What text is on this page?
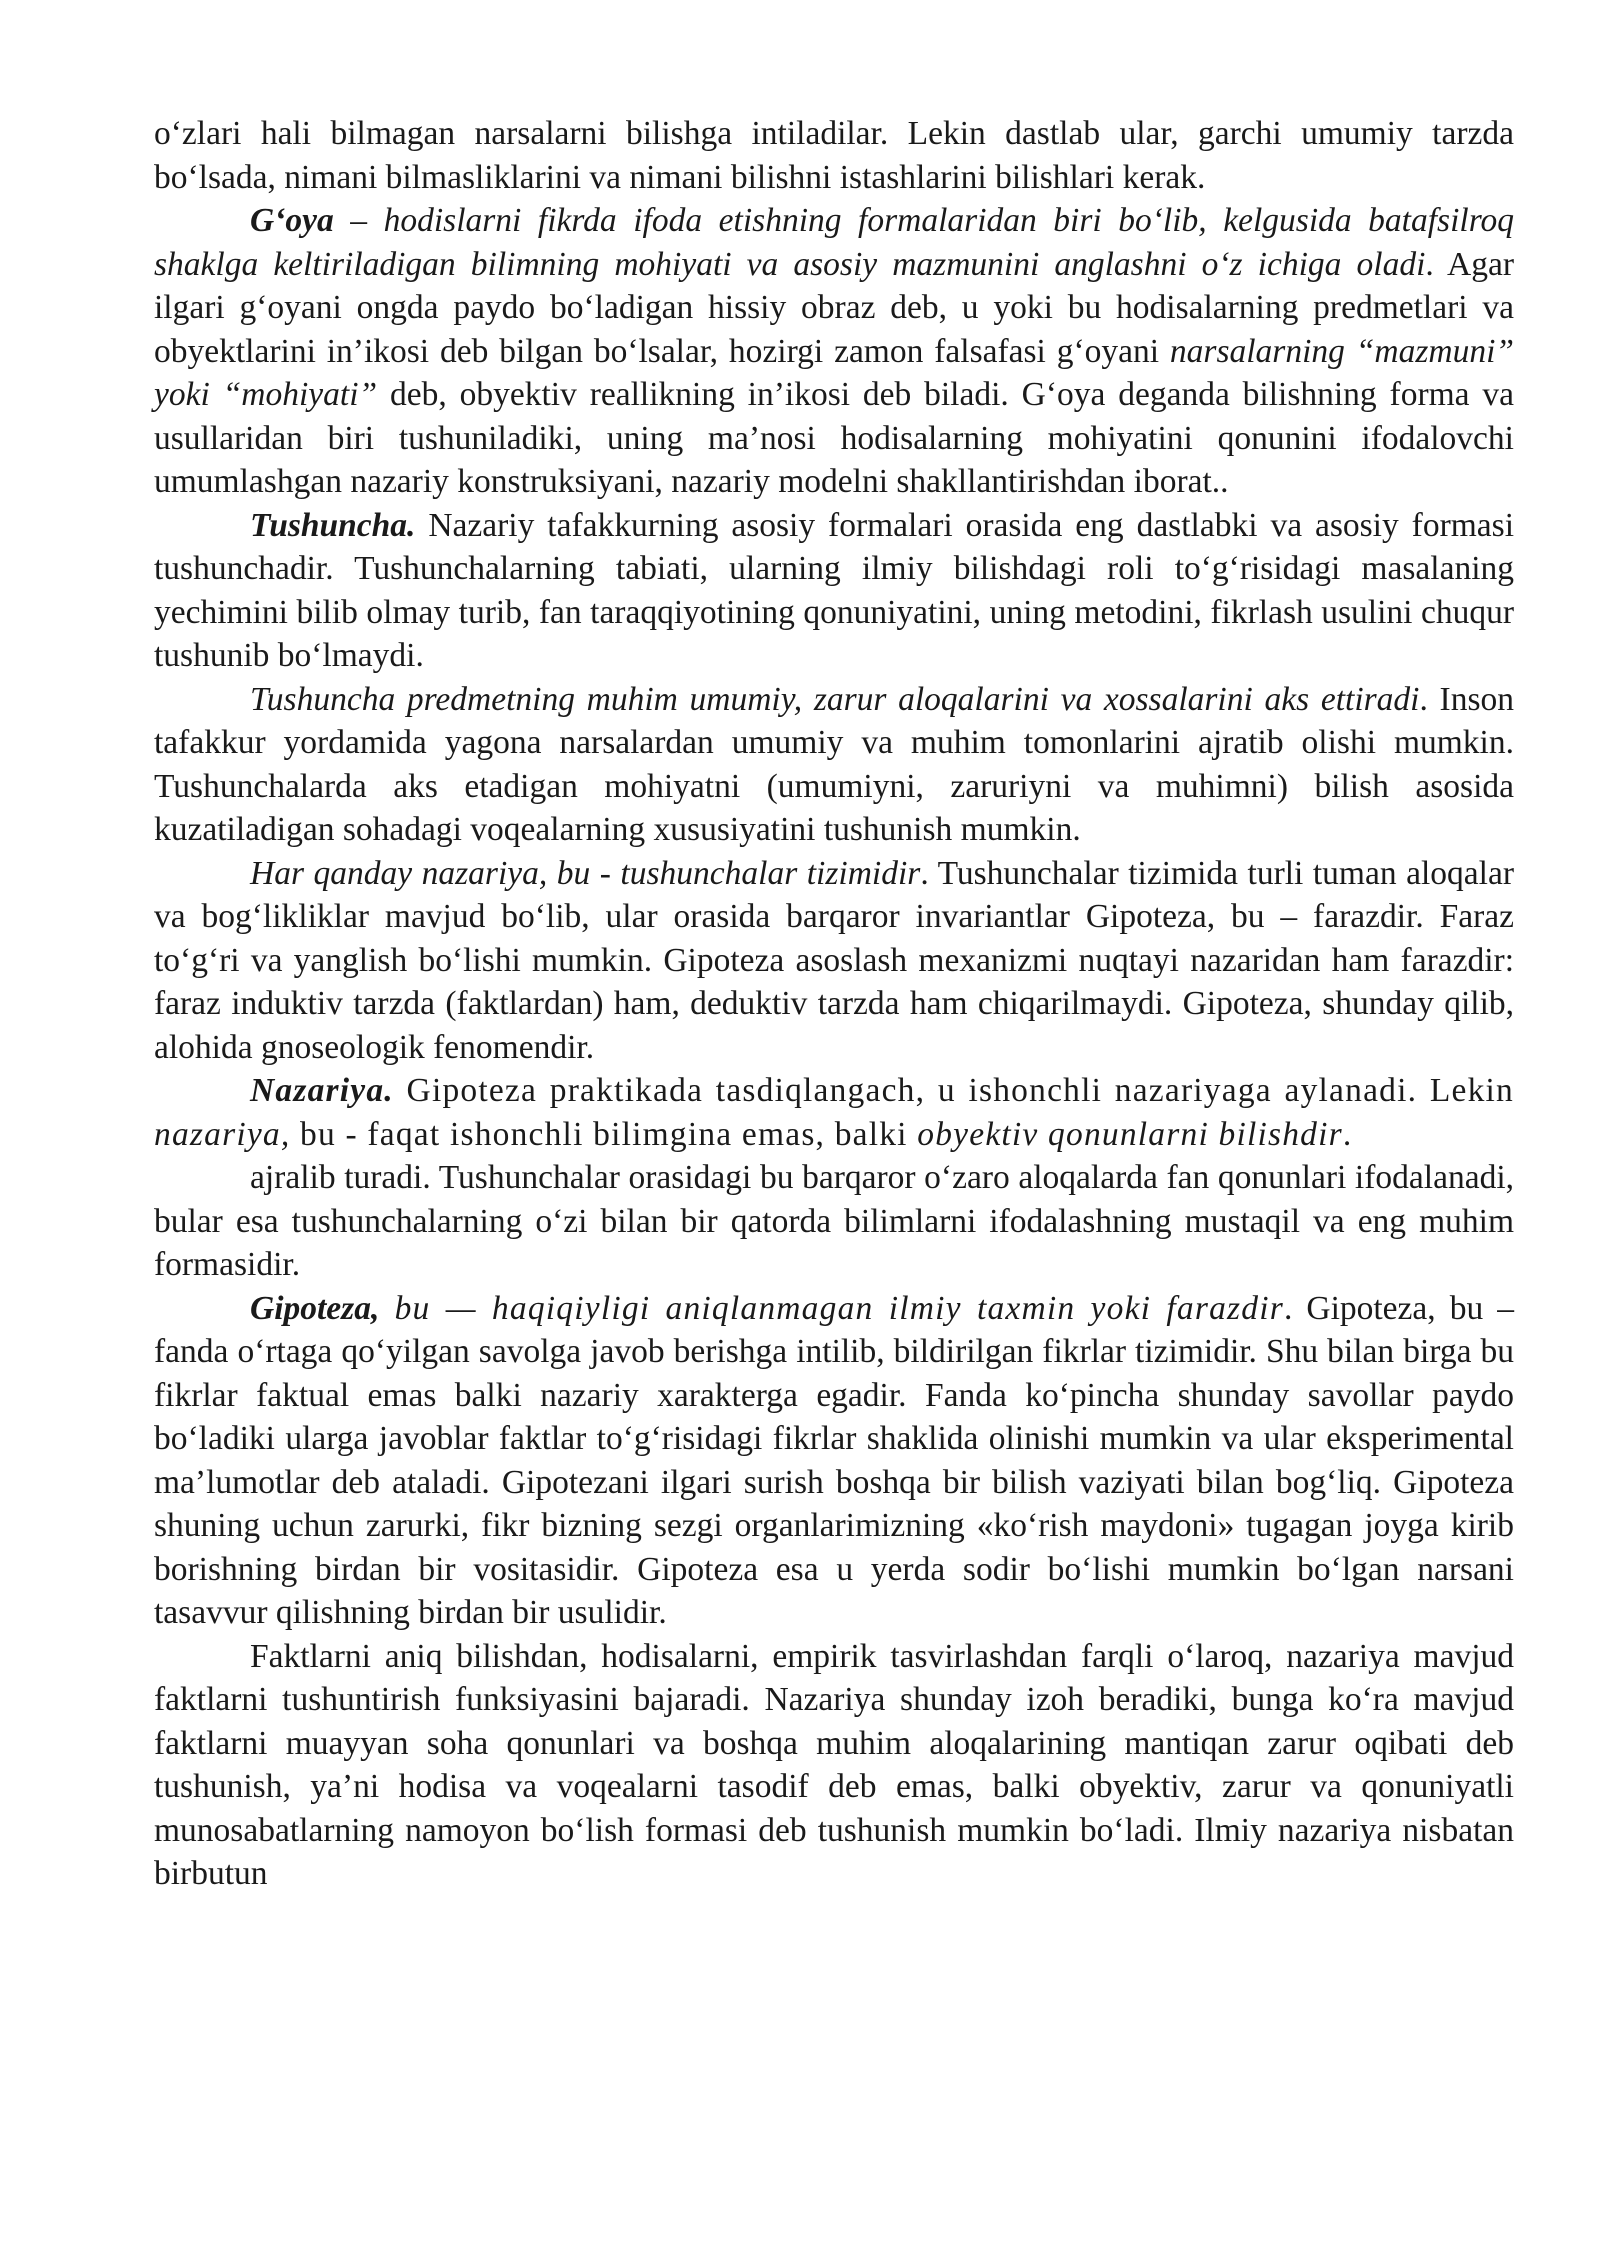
o‘zlari hali bilmagan narsalarni bilishga intiladilar. Lekin dastlab ular, garchi umumiy tarzda bo‘lsada, nimani bilmasliklarini va nimani bilishni istashlarini bilishlari kerak.

G‘oya – hodislarni fikrda ifoda etishning formalaridan biri bo‘lib, kelgusida batafsilroq shaklga keltiriladigan bilimning mohiyati va asosiy mazmunini anglashni o‘z ichiga oladi. Agar ilgari g‘oyani ongda paydo bo‘ladigan hissiy obraz deb, u yoki bu hodisalarning predmetlari va obyektlarini in’ikosi deb bilgan bo‘lsalar, hozirgi zamon falsafasi g‘oyani narsalarning “mazmuni” yoki “mohiyati” deb, obyektiv reallikning in’ikosi deb biladi. G‘oya deganda bilishning forma va usullaridan biri tushuniladiki, uning ma’nosi hodisalarning mohiyatini qonunini ifodalovchi umumlashgan nazariy konstruksiyani, nazariy modelni shakllantirishdan iborat..

Tushuncha. Nazariy tafakkurning asosiy formalari orasida eng dastlabki va asosiy formasi tushunchadir. Tushunchalarning tabiati, ularning ilmiy bilishdagi roli to‘g‘risidagi masalaning yechimini bilib olmay turib, fan taraqqiyotining qonuniyatini, uning metodini, fikrlash usulini chuqur tushunib bo‘lmaydi.

Tushuncha predmetning muhim umumiy, zarur aloqalarini va xossalarini aks ettiradi. Inson tafakkur yordamida yagona narsalardan umumiy va muhim tomonlarini ajratib olishi mumkin. Tushunchalarda aks etadigan mohiyatni (umumiyni, zaruriyni va muhimni) bilish asosida kuzatiladigan sohadagi voqealarning xususiyatini tushunish mumkin.

Har qanday nazariya, bu - tushunchalar tizimidir. Tushunchalar tizimida turli tuman aloqalar va bog‘likliklar mavjud bo‘lib, ular orasida barqaror invariantlar Gipoteza, bu – farazdir. Faraz to‘g‘ri va yanglish bo‘lishi mumkin. Gipoteza asoslash mexanizmi nuqtayi nazaridan ham farazdir: faraz induktiv tarzda (faktlardan) ham, deduktiv tarzda ham chiqarilmaydi. Gipoteza, shunday qilib, alohida gnoseologik fenomendir.

Nazariya. Gipoteza praktikada tasdiqlangach, u ishonchli nazariyaga aylanadi. Lekin nazariya, bu - faqat ishonchli bilimgina emas, balki obyektiv qonunlarni bilishdir.

ajralib turadi. Tushunchalar orasidagi bu barqaror o‘zaro aloqalarda fan qonunlari ifodalanadi, bular esa tushunchalarning o‘zi bilan bir qatorda bilimlarni ifodalashning mustaqil va eng muhim formasidir.

Gipoteza, bu — haqiqiyligi aniqlanmagan ilmiy taxmin yoki farazdir. Gipoteza, bu – fanda o‘rtaga qo‘yilgan savolga javob berishga intilib, bildirilgan fikrlar tizimidir. Shu bilan birga bu fikrlar faktual emas balki nazariy xarakterga egadir. Fanda ko‘pincha shunday savollar paydo bo‘ladiki ularga javoblar faktlar to‘g‘risidagi fikrlar shaklida olinishi mumkin va ular eksperimental ma’lumotlar deb ataladi. Gipotezani ilgari surish boshqa bir bilish vaziyati bilan bog‘liq. Gipoteza shuning uchun zarurki, fikr bizning sezgi organlarimizning «ko‘rish maydoni» tugagan joyga kirib borishning birdan bir vositasidir. Gipoteza esa u yerda sodir bo‘lishi mumkin bo‘lgan narsani tasavvur qilishning birdan bir usulidir.

Faktlarni aniq bilishdan, hodisalarni, empirik tasvirlashdan farqli o‘laroq, nazariya mavjud faktlarni tushuntirish funksiyasini bajaradi. Nazariya shunday izoh beradiki, bunga ko‘ra mavjud faktlarni muayyan soha qonunlari va boshqa muhim aloqalarining mantiqan zarur oqibati deb tushunish, ya’ni hodisa va voqealarni tasodif deb emas, balki obyektiv, zarur va qonuniyatli munosabatlarning namoyon bo‘lish formasi deb tushunish mumkin bo‘ladi. Ilmiy nazariya nisbatan birbutun
